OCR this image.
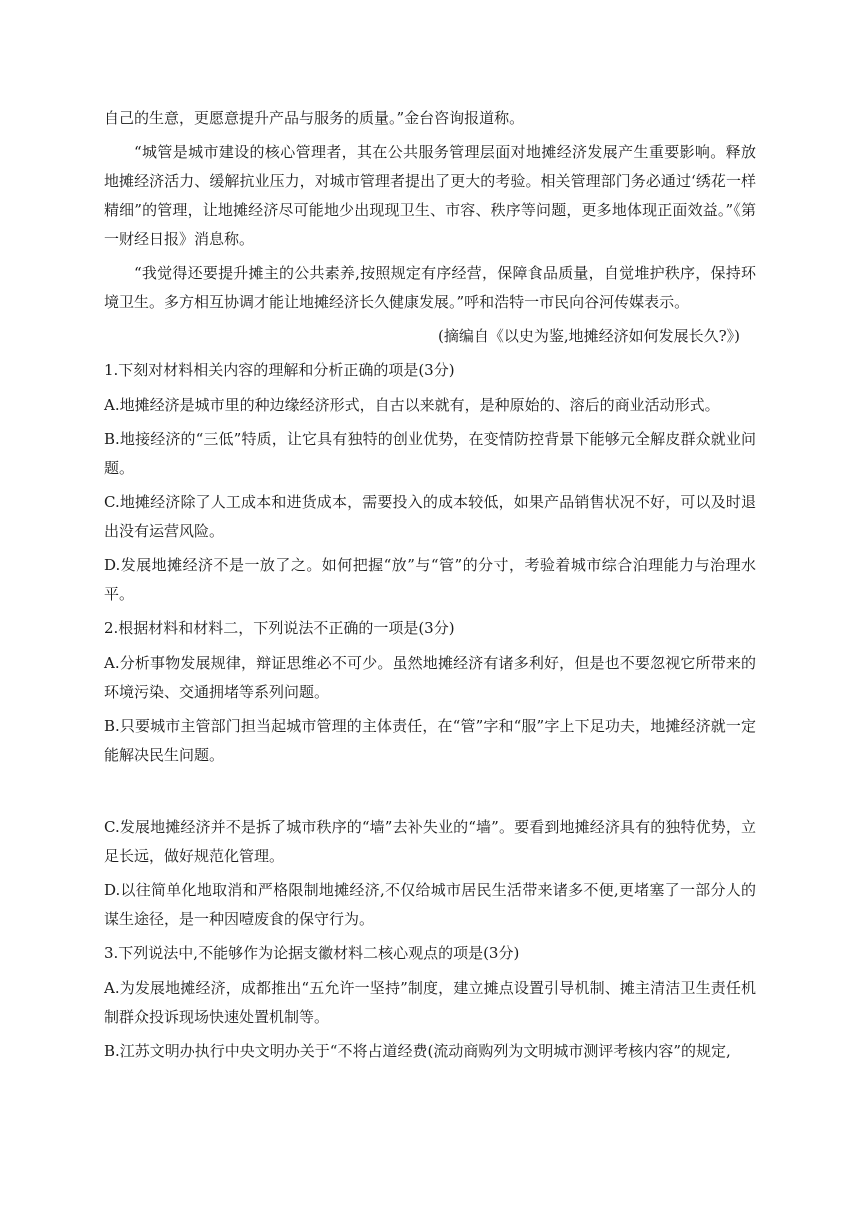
自己的生意，更愿意提升产品与服务的质量。”金台咨询报道称。

“城管是城市建设的核心管理者，其在公共服务管理层面对地摊经济发展产生重要影响。释放地摊经济活力、缓解抗业压力，对城市管理者提出了更大的考验。相关管理部门务必通过‘绣花一样精细”的管理，让地摊经济尽可能地少出现现卫生、市容、秩序等问题，更多地体现正面效益。”《第一财经日报》消息称。

“我觉得还要提升摊主的公共素养,按照规定有序经营，保障食品质量，自觉堆护秩序，保持环境卫生。多方相互协调才能让地摊经济长久健康发展。”呼和浩特一市民向谷河传媒表示。

(摘编自《以史为鉴,地摊经济如何发展长久?》)

1.下刻对材料相关内容的理解和分析正确的项是(3分)

A.地摊经济是城市里的种边缘经济形式，自古以来就有，是种原始的、溶后的商业活动形式。

B.地接经济的“三低”特质，让它具有独特的创业优势，在变情防控背景下能够元全解皮群众就业问题。

C.地摊经济除了人工成本和进货成本，需要投入的成本较低，如果产品销售状况不好，可以及时退出没有运营风险。

D.发展地摊经济不是一放了之。如何把握“放”与“管”的分寸，考验着城市综合泊理能力与治理水平。

2.根据材料和材料二，下列说法不正确的一项是(3分)

A.分析事物发展规律，辩证思维必不可少。虽然地摊经济有诸多利好，但是也不要忽视它所带来的环境污染、交通拥堵等系列问题。

B.只要城市主管部门担当起城市管理的主体责任，在“管”字和“服”字上下足功夫，地摊经济就一定能解决民生问题。

C.发展地摊经济并不是拆了城市秩序的“墙”去补失业的“墙”。要看到地摊经济具有的独特优势，立足长远，做好规范化管理。

D.以往简单化地取消和严格限制地摊经济,不仅给城市居民生活带来诸多不便,更堵塞了一部分人的谋生途径，是一种因噎废食的保守行为。

3.下列说法中,不能够作为论据支徽材料二核心观点的项是(3分)

A.为发展地摊经济，成都推出“五允许一坚持”制度，建立摊点设置引导机制、摊主清洁卫生责任机制群众投诉现场快速处置机制等。

B.江苏文明办执行中央文明办关于“不将占道经费(流动商购列为文明城市测评考核内容”的规定,
